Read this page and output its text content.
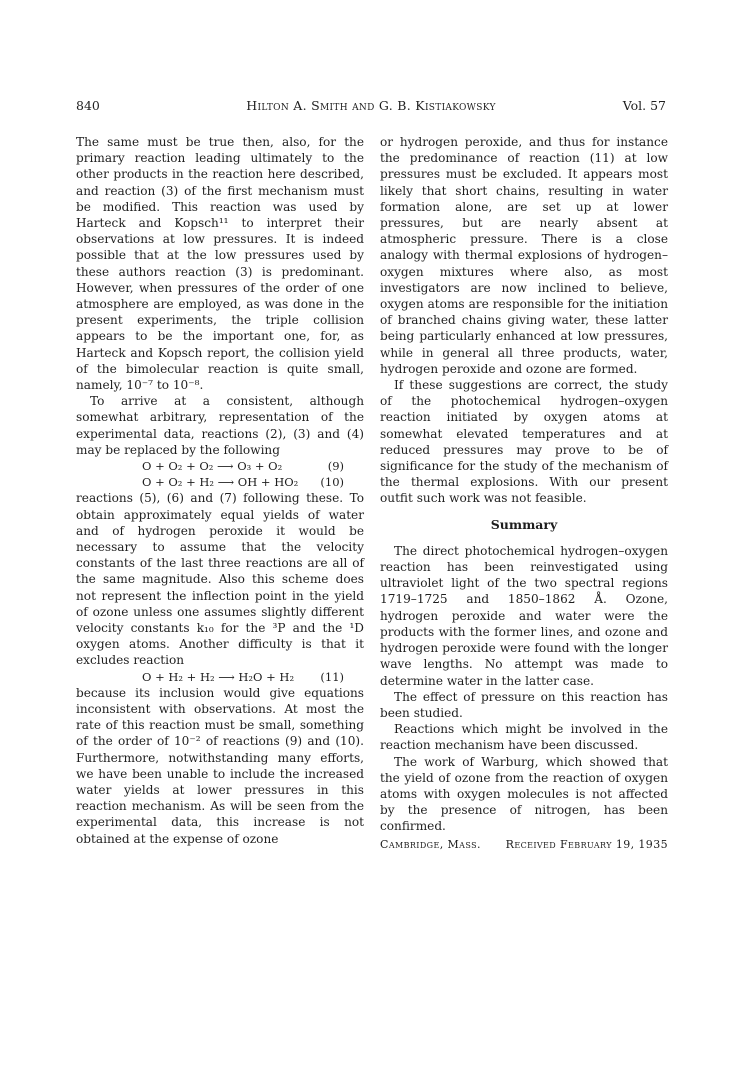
840	Hilton A. Smith and G. B. Kistiakowsky	Vol. 57

The same must be true then, also, for the primary reaction leading ultimately to the other products in the reaction here described, and reaction (3) of the first mechanism must be modified. This reaction was used by Harteck and Kopsch¹¹ to interpret their observations at low pressures. It is indeed possible that at the low pressures used by these authors reaction (3) is predominant. However, when pressures of the order of one atmosphere are employed, as was done in the present experiments, the triple collision appears to be the important one, for, as Harteck and Kopsch report, the collision yield of the bimolecular reaction is quite small, namely, 10⁻⁷ to 10⁻⁸.

To arrive at a consistent, although somewhat arbitrary, representation of the experimental data, reactions (2), (3) and (4) may be replaced by the following

O + O₂ + O₂ ⟶ O₃ + O₂	(9)
O + O₂ + H₂ ⟶ OH + HO₂ (10)

reactions (5), (6) and (7) following these. To obtain approximately equal yields of water and of hydrogen peroxide it would be necessary to assume that the velocity constants of the last three reactions are all of the same magnitude. Also this scheme does not represent the inflection point in the yield of ozone unless one assumes slightly different velocity constants k₁₀ for the ³P and the ¹D oxygen atoms. Another difficulty is that it excludes reaction

O + H₂ + H₂ ⟶ H₂O + H₂ (11)

because its inclusion would give equations inconsistent with observations. At most the rate of this reaction must be small, something of the order of 10⁻² of reactions (9) and (10). Furthermore, notwithstanding many efforts, we have been unable to include the increased water yields at lower pressures in this reaction mechanism. As will be seen from the experimental data, this increase is not obtained at the expense of ozone

or hydrogen peroxide, and thus for instance the predominance of reaction (11) at low pressures must be excluded. It appears most likely that short chains, resulting in water formation alone, are set up at lower pressures, but are nearly absent at atmospheric pressure. There is a close analogy with thermal explosions of hydrogen–oxygen mixtures where also, as most investigators are now inclined to believe, oxygen atoms are responsible for the initiation of branched chains giving water, these latter being particularly enhanced at low pressures, while in general all three products, water, hydrogen peroxide and ozone are formed.

If these suggestions are correct, the study of the photochemical hydrogen–oxygen reaction initiated by oxygen atoms at somewhat elevated temperatures and at reduced pressures may prove to be of significance for the study of the mechanism of the thermal explosions. With our present outfit such work was not feasible.

Summary

The direct photochemical hydrogen–oxygen reaction has been reinvestigated using ultraviolet light of the two spectral regions 1719–1725 and 1850–1862 Å. Ozone, hydrogen peroxide and water were the products with the former lines, and ozone and hydrogen peroxide were found with the longer wave lengths. No attempt was made to determine water in the latter case.

The effect of pressure on this reaction has been studied.

Reactions which might be involved in the reaction mechanism have been discussed.

The work of Warburg, which showed that the yield of ozone from the reaction of oxygen atoms with oxygen molecules is not affected by the presence of nitrogen, has been confirmed.

Cambridge, Mass. Received February 19, 1935
